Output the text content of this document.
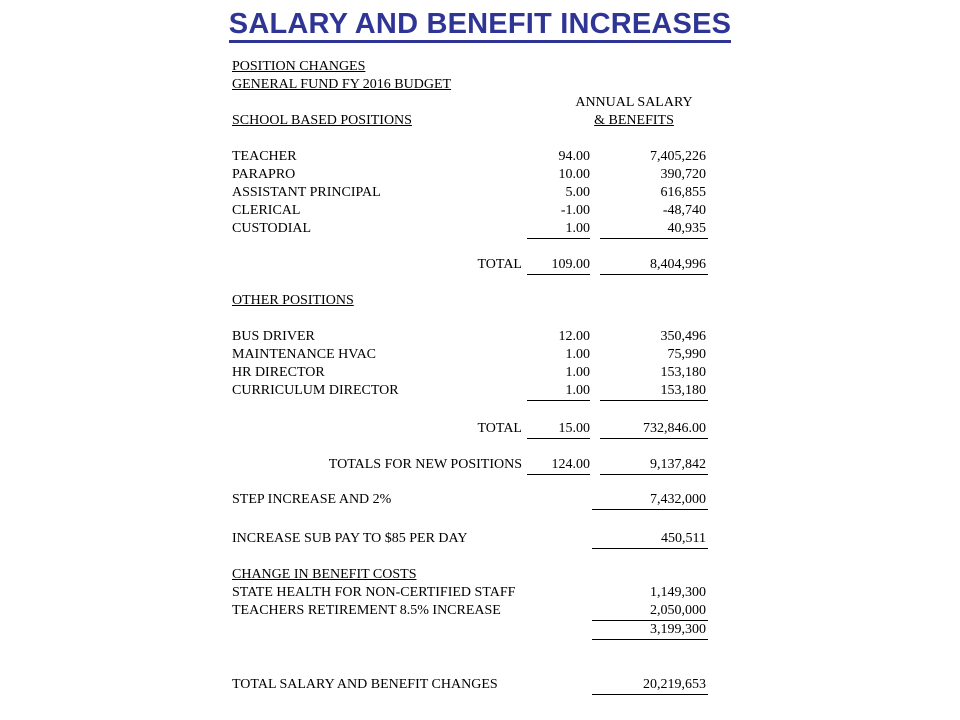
SALARY AND BENEFIT INCREASES
POSITION CHANGES
GENERAL FUND FY 2016 BUDGET
ANNUAL SALARY
& BENEFITS
SCHOOL BASED POSITIONS
TEACHER	94.00	7,405,226
PARAPRO	10.00	390,720
ASSISTANT PRINCIPAL	5.00	616,855
CLERICAL	-1.00	-48,740
CUSTODIAL	1.00	40,935
TOTAL	109.00	8,404,996
OTHER POSITIONS
BUS DRIVER	12.00	350,496
MAINTENANCE HVAC	1.00	75,990
HR DIRECTOR	1.00	153,180
CURRICULUM DIRECTOR	1.00	153,180
TOTAL	15.00	732,846.00
TOTALS FOR NEW POSITIONS	124.00	9,137,842
STEP INCREASE AND 2%	7,432,000
INCREASE SUB PAY TO $85 PER DAY	450,511
CHANGE IN BENEFIT COSTS
STATE HEALTH FOR NON-CERTIFIED STAFF	1,149,300
TEACHERS RETIREMENT 8.5% INCREASE	2,050,000
3,199,300
TOTAL SALARY AND BENEFIT CHANGES	20,219,653
